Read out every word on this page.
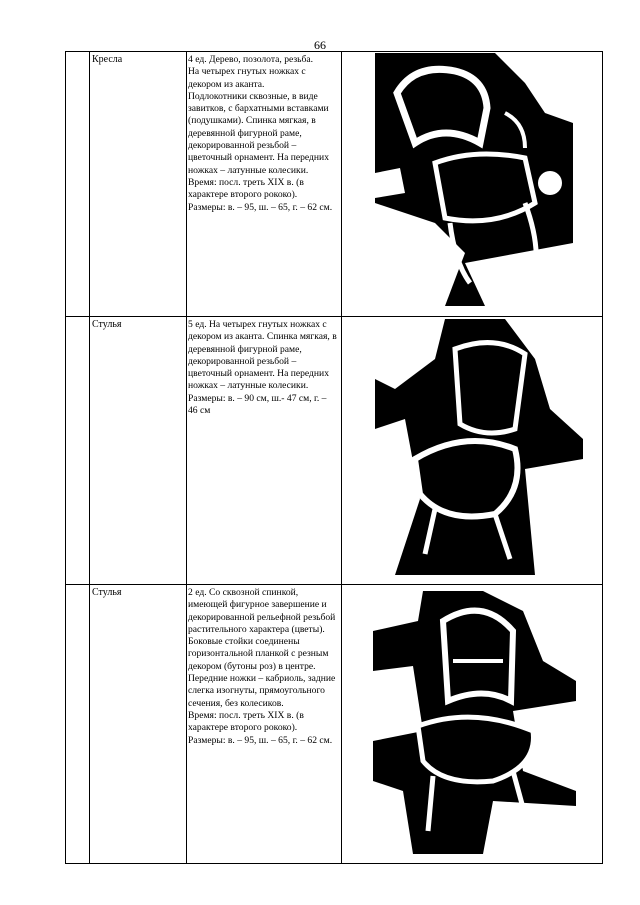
66

	Кресла	4 ед. Дерево, позолота, резьба.

На четырех гнутых ножках с декором из аканта.

Подлокотники сквозные, в виде завитков, с бархатными вставками (подушками). Спинка мягкая, в деревянной фигурной раме, декорированной резьбой – цветочный орнамент. На передних ножках – латунные колесики.

Время: посл. треть XIX в. (в характере второго рококо).

Размеры: в. – 95, ш. – 65, г. – 62 см.

	Стулья	5 ед. На четырех гнутых ножках с декором из аканта. Спинка мягкая, в деревянной фигурной раме, декорированной резьбой – цветочный орнамент. На передних ножках – латунные колесики.

Размеры: в. – 90 см, ш.- 47 см, г. – 46 см

	Стулья	2 ед. Со сквозной спинкой, имеющей фигурное завершение и декорированной рельефной резьбой растительного характера (цветы). Боковые стойки соединены горизонтальной планкой с резным декором (бутоны роз) в центре. Передние ножки – кабриоль, задние слегка изогнуты, прямоугольного сечения, без колесиков.

Время: посл. треть XIX в. (в характере второго рококо).

Размеры: в. – 95, ш. – 65, г. – 62 см.
